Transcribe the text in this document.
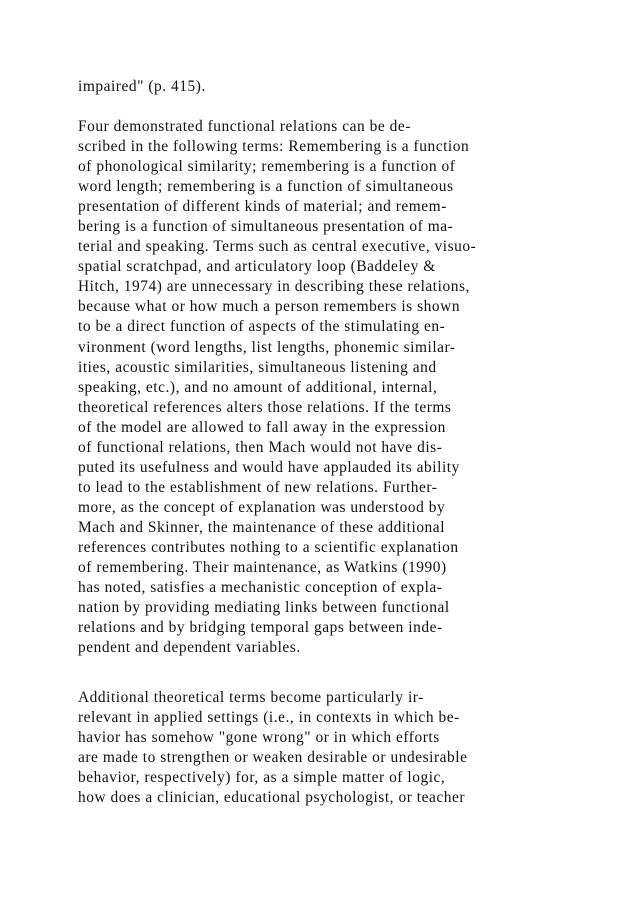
impaired" (p. 415).

Four demonstrated functional relations can be de-
scribed in the following terms: Remembering is a function
of phonological similarity; remembering is a function of
word length; remembering is a function of simultaneous
presentation of different kinds of material; and remem-
bering is a function of simultaneous presentation of ma-
terial and speaking. Terms such as central executive, visuo-
spatial scratchpad, and articulatory loop (Baddeley &
Hitch, 1974) are unnecessary in describing these relations,
because what or how much a person remembers is shown
to be a direct function of aspects of the stimulating en-
vironment (word lengths, list lengths, phonemic similar-
ities, acoustic similarities, simultaneous listening and
speaking, etc.), and no amount of additional, internal,
theoretical references alters those relations. If the terms
of the model are allowed to fall away in the expression
of functional relations, then Mach would not have dis-
puted its usefulness and would have applauded its ability
to lead to the establishment of new relations. Further-
more, as the concept of explanation was understood by
Mach and Skinner, the maintenance of these additional
references contributes nothing to a scientific explanation
of remembering. Their maintenance, as Watkins (1990)
has noted, satisfies a mechanistic conception of expla-
nation by providing mediating links between functional
relations and by bridging temporal gaps between inde-
pendent and dependent variables.

Additional theoretical terms become particularly ir-
relevant in applied settings (i.e., in contexts in which be-
havior has somehow "gone wrong" or in which efforts
are made to strengthen or weaken desirable or undesirable
behavior, respectively) for, as a simple matter of logic,
how does a clinician, educational psychologist, or teacher
